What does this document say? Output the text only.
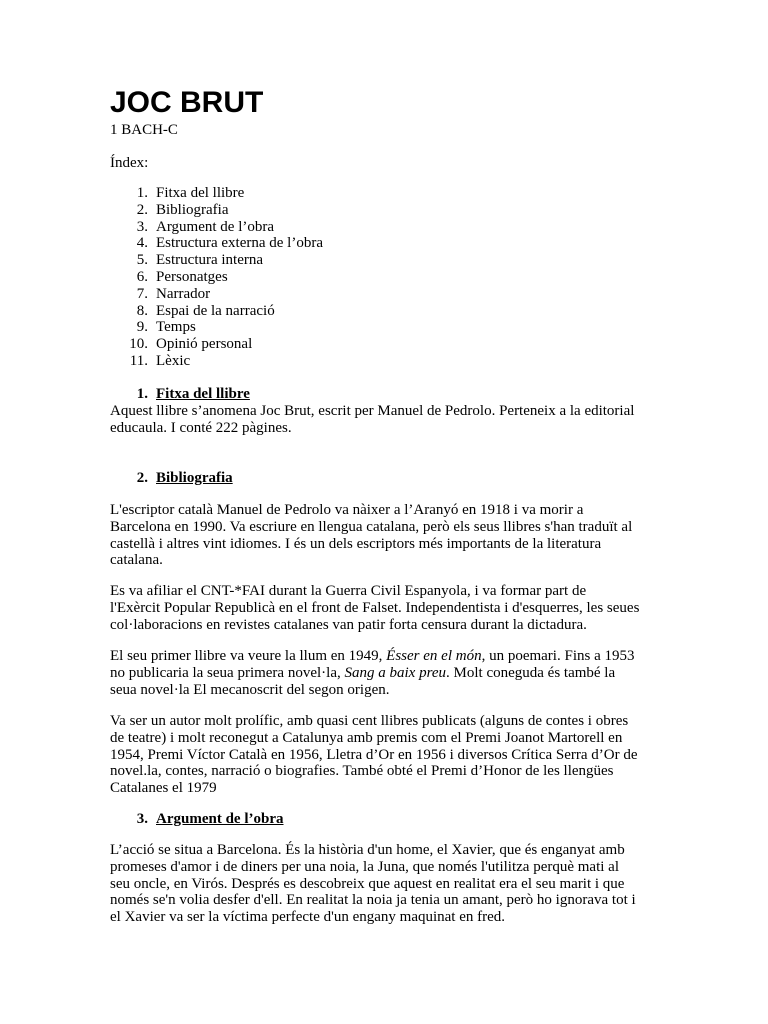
JOC BRUT
1 BACH-C
Índex:
1. Fitxa del llibre
2. Bibliografia
3. Argument de l’obra
4. Estructura externa de l’obra
5. Estructura interna
6. Personatges
7. Narrador
8. Espai de la narració
9. Temps
10. Opinió personal
11. Lèxic
1. Fitxa del llibre

Aquest llibre s’anomena Joc Brut, escrit per Manuel de Pedrolo. Perteneix a la editorial
educaula. I conté 222 pàgines.

2. Bibliografia

L'escriptor català Manuel de Pedrolo va nàixer a l’Aranyó en 1918 i va morir a
Barcelona en 1990. Va escriure en llengua catalana, però els seus llibres s'han traduït al
castellà i altres vint idiomes. I és un dels escriptors més importants de la literatura
catalana.

Es va afiliar el CNT-*FAI durant la Guerra Civil Espanyola, i va formar part de
l'Exèrcit Popular Republicà en el front de Falset. Independentista i d'esquerres, les seues
col·laboracions en revistes catalanes van patir forta censura durant la dictadura.

El seu primer llibre va veure la llum en 1949, Ésser en el món, un poemari. Fins a 1953
no publicaria la seua primera novel·la, Sang a baix preu. Molt coneguda és també la
seua novel·la El mecanoscrit del segon origen.

Va ser un autor molt prolífic, amb quasi cent llibres publicats (alguns de contes i obres
de teatre) i molt reconegut a Catalunya amb premis com el Premi Joanot Martorell en
1954, Premi Víctor Català en 1956, Lletra d’Or en 1956 i diversos Crítica Serra d’Or de
novel.la, contes, narració o biografies. També obté el Premi d’Honor de les llengües
Catalanes el 1979

3. Argument de l’obra

L’acció se situa a Barcelona. És la història d'un home, el Xavier, que és enganyat amb
promeses d'amor i de diners per una noia, la Juna, que només l'utilitza perquè mati al
seu oncle, en Virós. Després es descobreix que aquest en realitat era el seu marit i que
només se'n volia desfer d'ell. En realitat la noia ja tenia un amant, però ho ignorava tot i
el Xavier va ser la víctima perfecte d'un engany maquinat en fred.
